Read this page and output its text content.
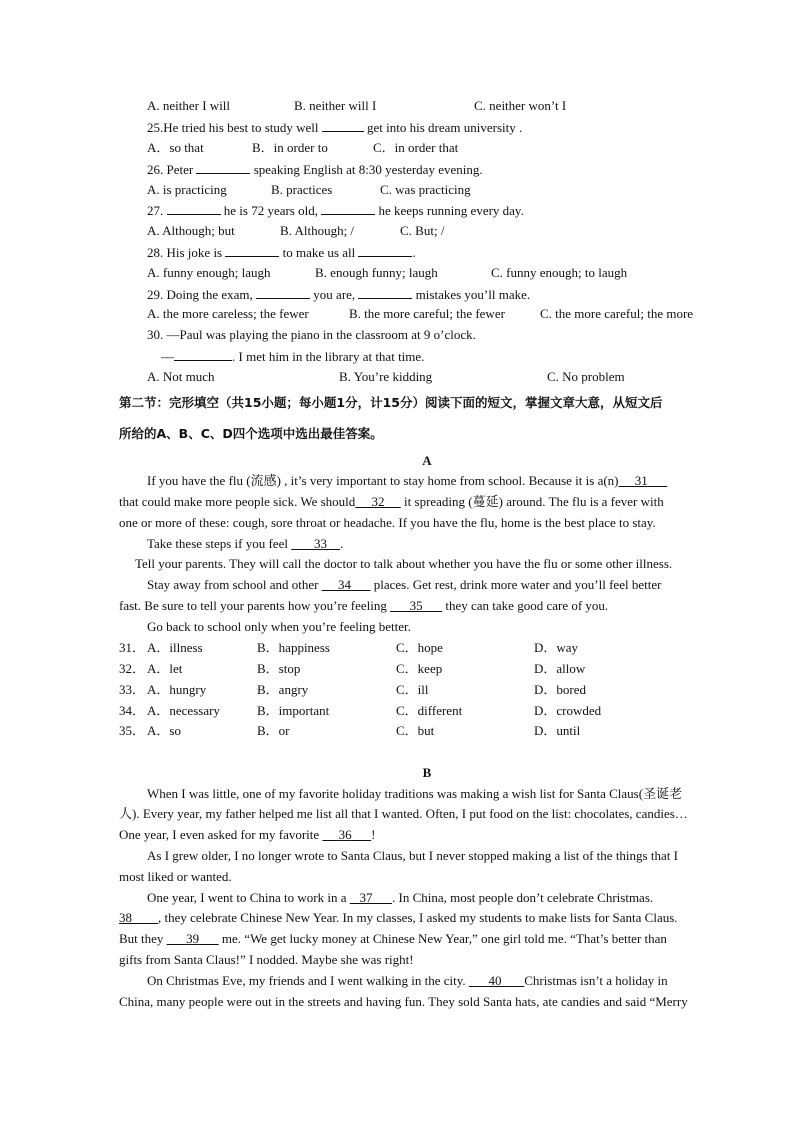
A. neither I will	B. neither will I	C. neither won’t I
25.He tried his best to study well	get into his dream university .
A．so that	B．in order to	C．in order that
26. Peter	speaking English at 8:30 yesterday evening.
A. is practicing	B. practices	C. was practicing
27.	he is 72 years old,	he keeps running every day.
A. Although; but	B. Although; /	C. But; /
28. His joke is	to make us all	.
A. funny enough; laugh	B. enough funny; laugh	C. funny enough; to laugh
29. Doing the exam,	you are,	mistakes you’ll make.
A. the more careless; the fewer	B. the more careful; the fewer	C. the more careful; the more
30. —Paul was playing the piano in the classroom at 9 o’clock.
—	. I met him in the library at that time.
A. Not much	B. You’re kidding	C. No problem
第二节：完形填空（共15小题；每小题1分，计15分）阅读下面的短文，掌握文章大意，从短文后
所给的A、B、C、D四个选项中选出最佳答案。
A
If you have the flu (流感) , it’s very important to stay home from school. Because it is a(n) 31
that could make more people sick. We should 32 it spreading (蔓延) around. The flu is a fever with
one or more of these: cough, sore throat or headache. If you have the flu, home is the best place to stay.
Take these steps if you feel 33 .
Tell your parents. They will call the doctor to talk about whether you have the flu or some other illness.
Stay away from school and other 34 places. Get rest, drink more water and you’ll feel better
fast. Be sure to tell your parents how you’re feeling 35 they can take good care of you.
Go back to school only when you’re feeling better.
31． A．illness	B．happiness	C．hope	D．way
32． A．let	B．stop	C．keep	D．allow
33． A．hungry	B．angry	C．ill	D．bored
34． A．necessary	B．important	C．different	D．crowded
35． A．so	B．or	C．but	D．until
B
When I was little, one of my favorite holiday traditions was making a wish list for Santa Claus(圣诞老
人). Every year, my father helped me list all that I wanted. Often, I put food on the list: chocolates, candies…
One year, I even asked for my favorite 36 !
As I grew older, I no longer wrote to Santa Claus, but I never stopped making a list of the things that I
most liked or wanted.
One year, I went to China to work in a 37 . In China, most people don’t celebrate Christmas.
38 , they celebrate Chinese New Year. In my classes, I asked my students to make lists for Santa Claus.
But they 39 me. “We get lucky money at Chinese New Year,” one girl told me. “That’s better than
gifts from Santa Claus!” I nodded. Maybe she was right!
On Christmas Eve, my friends and I went walking in the city. 40 Christmas isn’t a holiday in
China, many people were out in the streets and having fun. They sold Santa hats, ate candies and said “Merry
